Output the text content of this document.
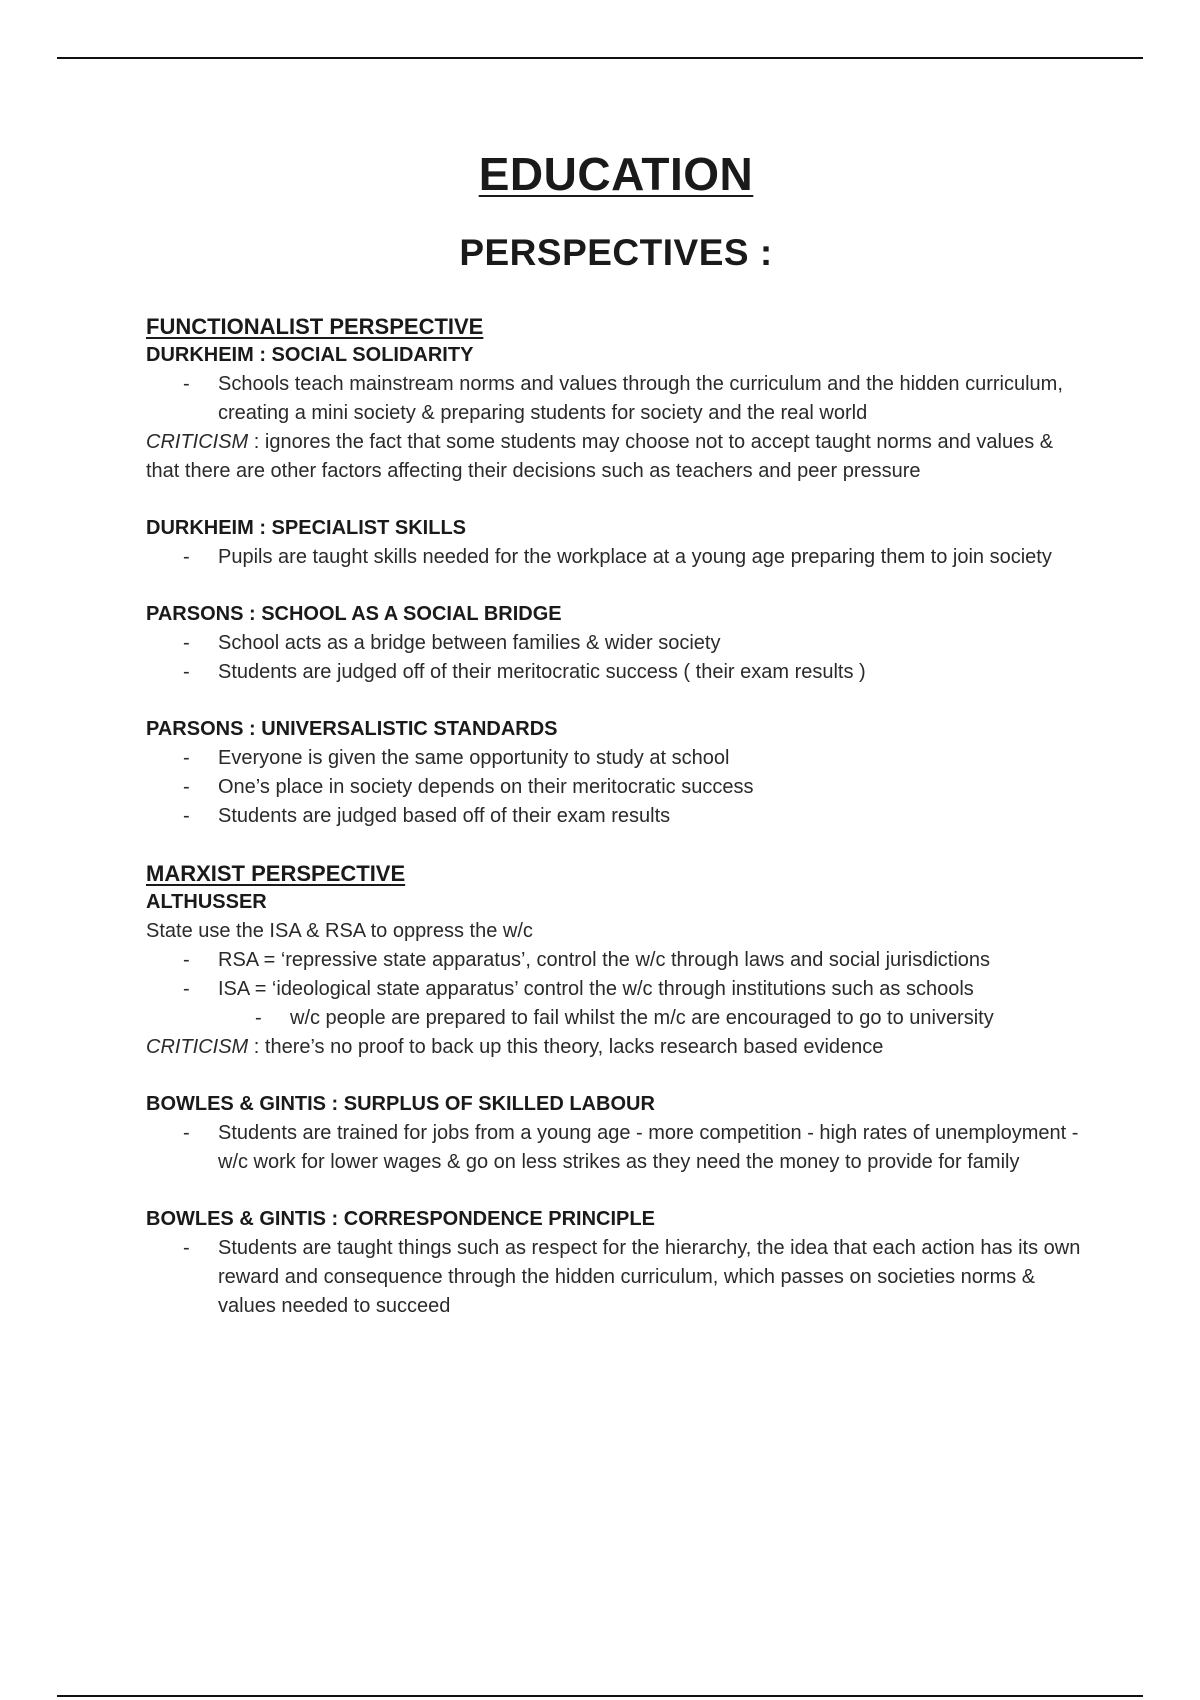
EDUCATION
PERSPECTIVES :
FUNCTIONALIST PERSPECTIVE
DURKHEIM : SOCIAL SOLIDARITY
- Schools teach mainstream norms and values through the curriculum and the hidden curriculum, creating a mini society & preparing students for society and the real world

CRITICISM : ignores the fact that some students may choose not to accept taught norms and values & that there are other factors affecting their decisions such as teachers and peer pressure

DURKHEIM : SPECIALIST SKILLS
- Pupils are taught skills needed for the workplace at a young age preparing them to join society
PARSONS : SCHOOL AS A SOCIAL BRIDGE
- School acts as a bridge between families & wider society
- Students are judged off of their meritocratic success ( their exam results )
PARSONS : UNIVERSALISTIC STANDARDS
- Everyone is given the same opportunity to study at school
- One’s place in society depends on their meritocratic success
- Students are judged based off of their exam results
MARXIST PERSPECTIVE
ALTHUSSER

State use the ISA & RSA to oppress the w/c

- RSA = ‘repressive state apparatus’, control the w/c through laws and social jurisdictions
- ISA = ‘ideological state apparatus’ control the w/c through institutions such as schools
- w/c people are prepared to fail whilst the m/c are encouraged to go to university

CRITICISM : there’s no proof to back up this theory, lacks research based evidence

BOWLES & GINTIS : SURPLUS OF SKILLED LABOUR
- Students are trained for jobs from a young age - more competition - high rates of unemployment - w/c work for lower wages & go on less strikes as they need the money to provide for family
BOWLES & GINTIS : CORRESPONDENCE PRINCIPLE
- Students are taught things such as respect for the hierarchy, the idea that each action has its own reward and consequence through the hidden curriculum, which passes on societies norms & values needed to succeed
